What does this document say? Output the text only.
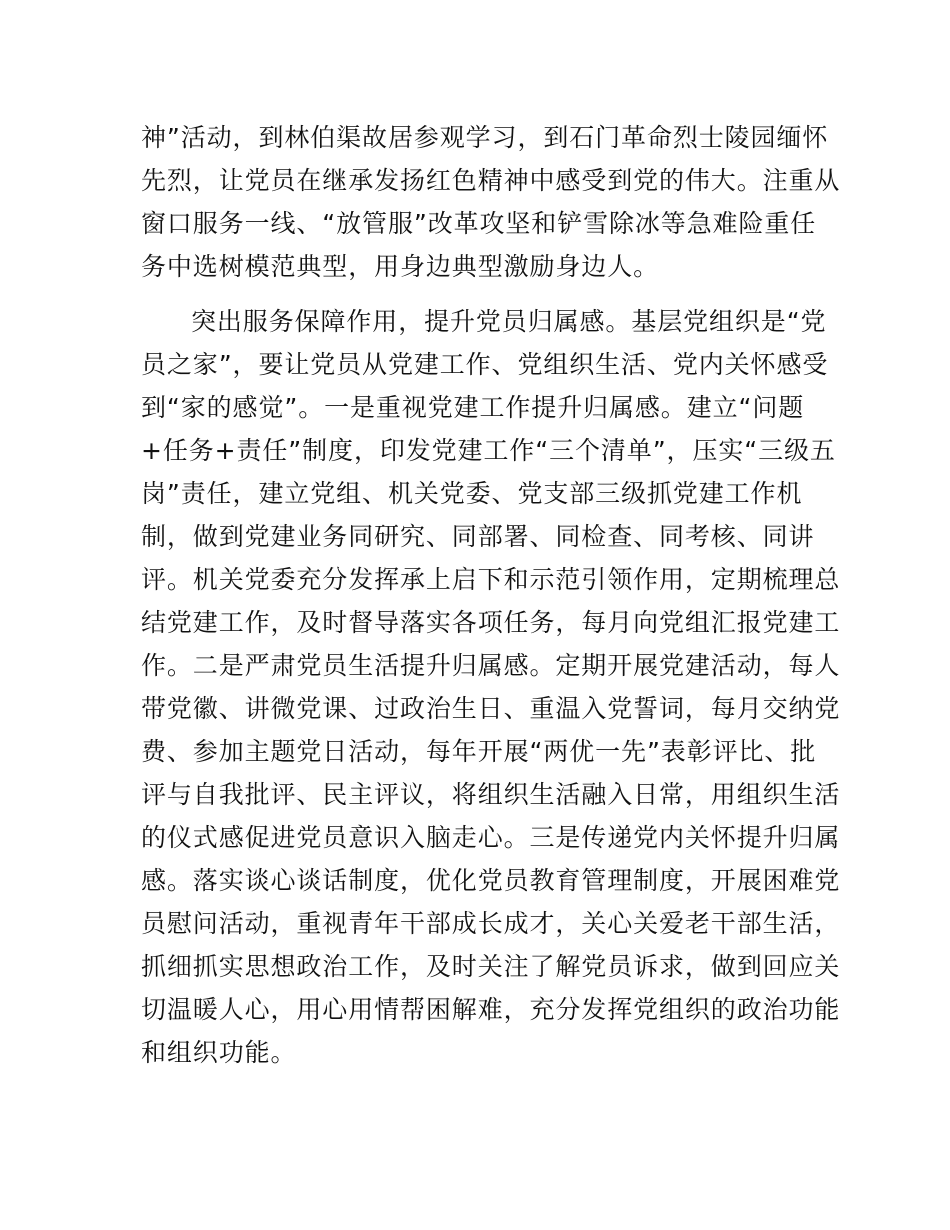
神”活动，到林伯渠故居参观学习，到石门革命烈士陵园缅怀
先烈，让党员在继承发扬红色精神中感受到党的伟大。注重从
窗口服务一线、“放管服”改革攻坚和铲雪除冰等急难险重任
务中选树模范典型，用身边典型激励身边人。
突出服务保障作用，提升党员归属感。基层党组织是“党
员之家”，要让党员从党建工作、党组织生活、党内关怀感受
到“家的感觉”。一是重视党建工作提升归属感。建立“问题
+任务+责任”制度，印发党建工作“三个清单”，压实“三级五
岗”责任，建立党组、机关党委、党支部三级抓党建工作机
制，做到党建业务同研究、同部署、同检查、同考核、同讲
评。机关党委充分发挥承上启下和示范引领作用，定期梳理总
结党建工作，及时督导落实各项任务，每月向党组汇报党建工
作。二是严肃党员生活提升归属感。定期开展党建活动，每人
带党徽、讲微党课、过政治生日、重温入党誓词，每月交纳党
费、参加主题党日活动，每年开展“两优一先”表彰评比、批
评与自我批评、民主评议，将组织生活融入日常，用组织生活
的仪式感促进党员意识入脑走心。三是传递党内关怀提升归属
感。落实谈心谈话制度，优化党员教育管理制度，开展困难党
员慰问活动，重视青年干部成长成才，关心关爱老干部生活，
抓细抓实思想政治工作，及时关注了解党员诉求，做到回应关
切温暖人心，用心用情帮困解难，充分发挥党组织的政治功能
和组织功能。
